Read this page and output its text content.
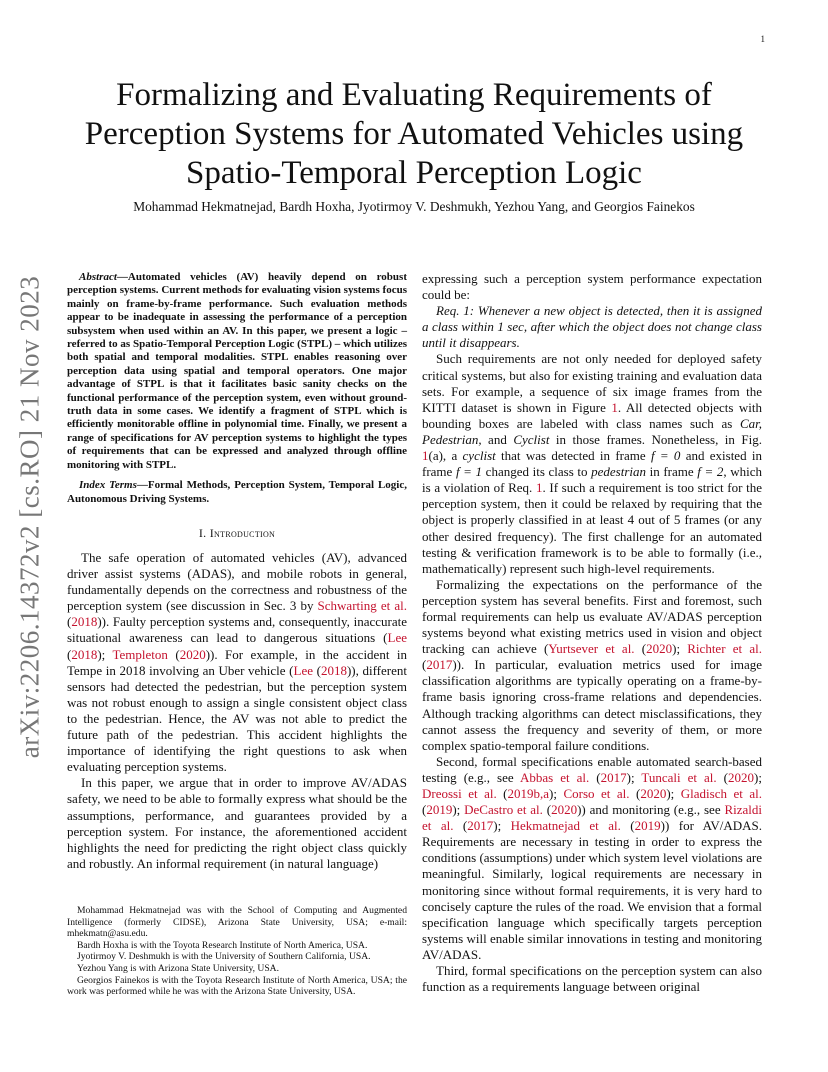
1
arXiv:2206.14372v2 [cs.RO] 21 Nov 2023
Formalizing and Evaluating Requirements of Perception Systems for Automated Vehicles using Spatio-Temporal Perception Logic
Mohammad Hekmatnejad, Bardh Hoxha, Jyotirmoy V. Deshmukh, Yezhou Yang, and Georgios Fainekos

Abstract—Automated vehicles (AV) heavily depend on robust perception systems. Current methods for evaluating vision systems focus mainly on frame-by-frame performance. Such evaluation methods appear to be inadequate in assessing the performance of a perception subsystem when used within an AV. In this paper, we present a logic – referred to as Spatio-Temporal Perception Logic (STPL) – which utilizes both spatial and temporal modalities. STPL enables reasoning over perception data using spatial and temporal operators. One major advantage of STPL is that it facilitates basic sanity checks on the functional performance of the perception system, even without ground-truth data in some cases. We identify a fragment of STPL which is efficiently monitorable offline in polynomial time. Finally, we present a range of specifications for AV perception systems to highlight the types of requirements that can be expressed and analyzed through offline monitoring with STPL.

Index Terms—Formal Methods, Perception System, Temporal Logic, Autonomous Driving Systems.

I. Introduction

The safe operation of automated vehicles (AV), advanced driver assist systems (ADAS), and mobile robots in general, fundamentally depends on the correctness and robustness of the perception system (see discussion in Sec. 3 by Schwarting et al. (2018)). Faulty perception systems and, consequently, inaccurate situational awareness can lead to dangerous situations (Lee (2018); Templeton (2020)). For example, in the accident in Tempe in 2018 involving an Uber vehicle (Lee (2018)), different sensors had detected the pedestrian, but the perception system was not robust enough to assign a single consistent object class to the pedestrian. Hence, the AV was not able to predict the future path of the pedestrian. This accident highlights the importance of identifying the right questions to ask when evaluating perception systems.

In this paper, we argue that in order to improve AV/ADAS safety, we need to be able to formally express what should be the assumptions, performance, and guarantees provided by a perception system. For instance, the aforementioned accident highlights the need for predicting the right object class quickly and robustly. An informal requirement (in natural language)

Mohammad Hekmatnejad was with the School of Computing and Augmented Intelligence (formerly CIDSE), Arizona State University, USA; e-mail: mhekmatn@asu.edu.

Bardh Hoxha is with the Toyota Research Institute of North America, USA.

Jyotirmoy V. Deshmukh is with the University of Southern California, USA.

Yezhou Yang is with Arizona State University, USA.

Georgios Fainekos is with the Toyota Research Institute of North America, USA; the work was performed while he was with the Arizona State University, USA.

expressing such a perception system performance expectation could be:

Req. 1: Whenever a new object is detected, then it is assigned a class within 1 sec, after which the object does not change class until it disappears.

Such requirements are not only needed for deployed safety critical systems, but also for existing training and evaluation data sets. For example, a sequence of six image frames from the KITTI dataset is shown in Figure 1. All detected objects with bounding boxes are labeled with class names such as Car, Pedestrian, and Cyclist in those frames. Nonetheless, in Fig. 1(a), a cyclist that was detected in frame f = 0 and existed in frame f = 1 changed its class to pedestrian in frame f = 2, which is a violation of Req. 1. If such a requirement is too strict for the perception system, then it could be relaxed by requiring that the object is properly classified in at least 4 out of 5 frames (or any other desired frequency). The first challenge for an automated testing & verification framework is to be able to formally (i.e., mathematically) represent such high-level requirements.

Formalizing the expectations on the performance of the perception system has several benefits. First and foremost, such formal requirements can help us evaluate AV/ADAS perception systems beyond what existing metrics used in vision and object tracking can achieve (Yurtsever et al. (2020); Richter et al. (2017)). In particular, evaluation metrics used for image classification algorithms are typically operating on a frame-by-frame basis ignoring cross-frame relations and dependencies. Although tracking algorithms can detect misclassifications, they cannot assess the frequency and severity of them, or more complex spatio-temporal failure conditions.

Second, formal specifications enable automated search-based testing (e.g., see Abbas et al. (2017); Tuncali et al. (2020); Dreossi et al. (2019b,a); Corso et al. (2020); Gladisch et al. (2019); DeCastro et al. (2020)) and monitoring (e.g., see Rizaldi et al. (2017); Hekmatnejad et al. (2019)) for AV/ADAS. Requirements are necessary in testing in order to express the conditions (assumptions) under which system level violations are meaningful. Similarly, logical requirements are necessary in monitoring since without formal requirements, it is very hard to concisely capture the rules of the road. We envision that a formal specification language which specifically targets perception systems will enable similar innovations in testing and monitoring AV/ADAS.

Third, formal specifications on the perception system can also function as a requirements language between original
